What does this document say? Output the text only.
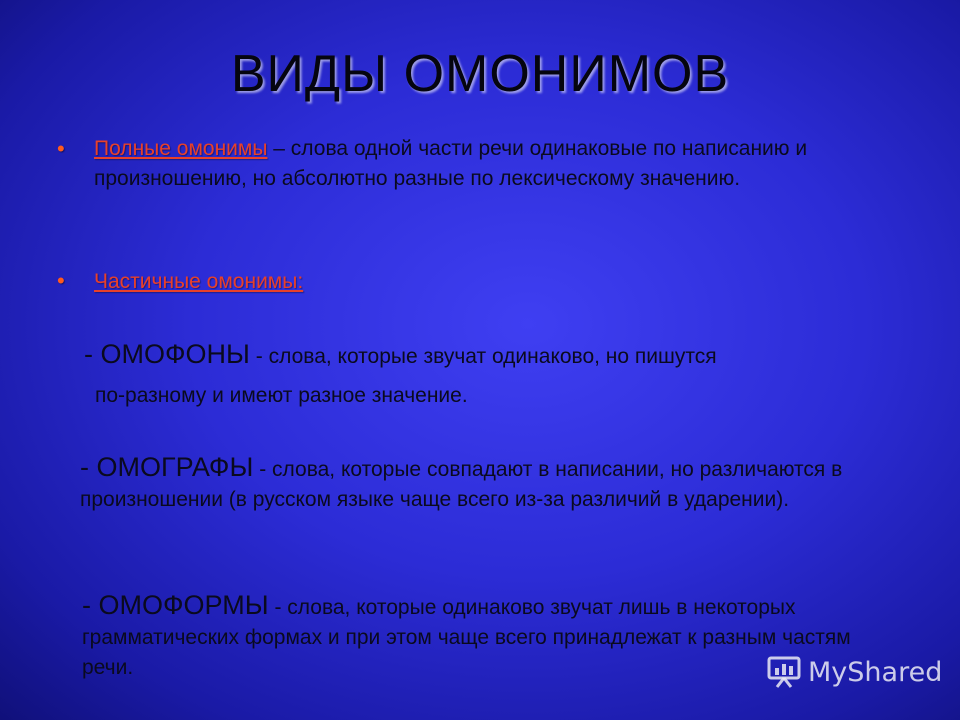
ВИДЫ ОМОНИМОВ
• Полные омонимы – слова одной части речи одинаковые по написанию и произношению, но абсолютно разные по лексическому значению.
• Частичные омонимы:
- ОМОФОНЫ - слова, которые звучат одинаково, но пишутся
по-разному и имеют разное значение.
- ОМОГРАФЫ - слова, которые совпадают в написании, но различаются в произношении (в русском языке чаще всего из-за различий в ударении).
- ОМОФОРМЫ - слова, которые одинаково звучат лишь в некоторых грамматических формах и при этом чаще всего принадлежат к разным частям речи.	MyShared
